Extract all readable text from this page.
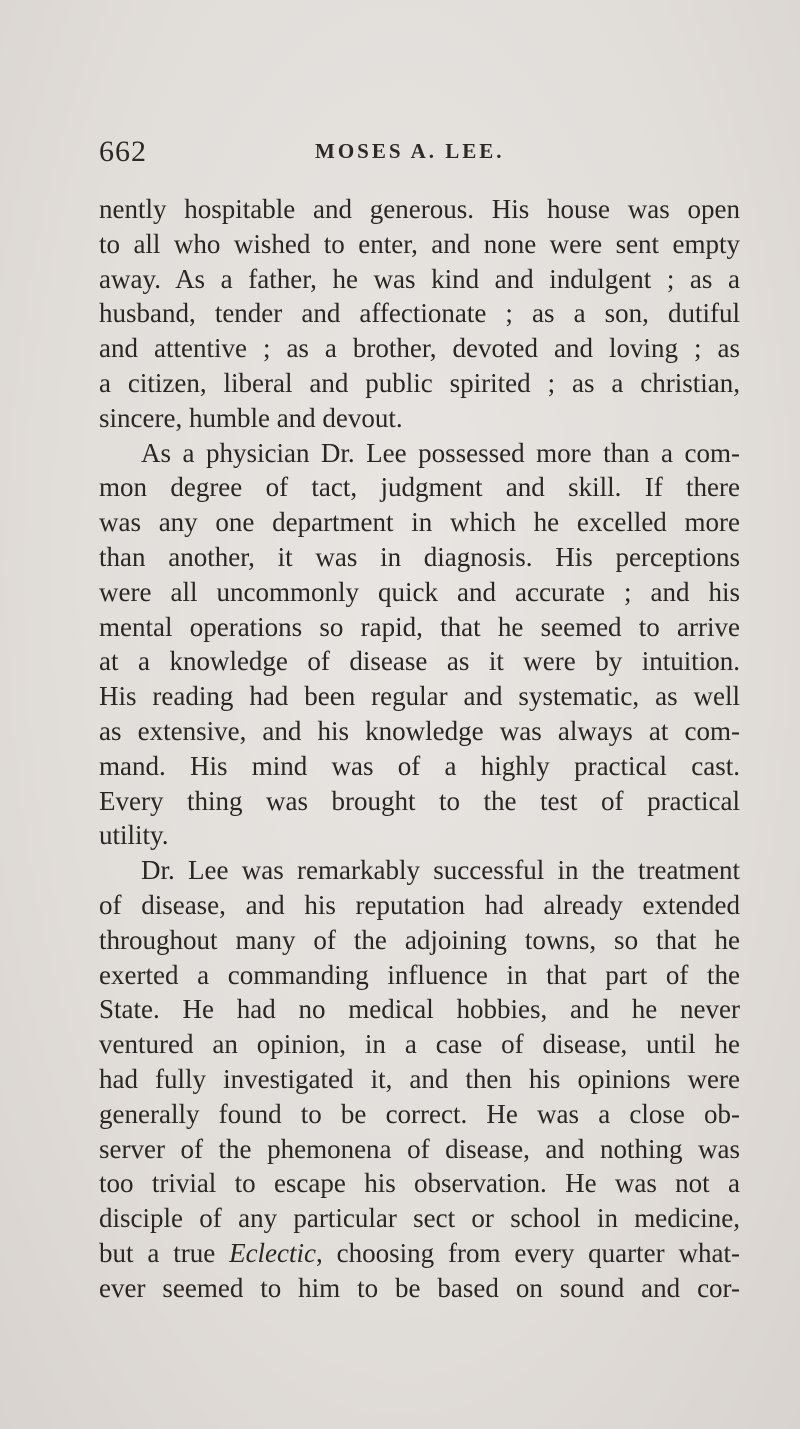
662	MOSES A. LEE.
nently hospitable and generous. His house was open
to all who wished to enter, and none were sent empty
away. As a father, he was kind and indulgent ; as a
husband, tender and affectionate ; as a son, dutiful
and attentive ; as a brother, devoted and loving ; as
a citizen, liberal and public spirited ; as a christian,
sincere, humble and devout.
As a physician Dr. Lee possessed more than a com-
mon degree of tact, judgment and skill. If there
was any one department in which he excelled more
than another, it was in diagnosis. His perceptions
were all uncommonly quick and accurate ; and his
mental operations so rapid, that he seemed to arrive
at a knowledge of disease as it were by intuition.
His reading had been regular and systematic, as well
as extensive, and his knowledge was always at com-
mand. His mind was of a highly practical cast.
Every thing was brought to the test of practical
utility.
Dr. Lee was remarkably successful in the treatment
of disease, and his reputation had already extended
throughout many of the adjoining towns, so that he
exerted a commanding influence in that part of the
State. He had no medical hobbies, and he never
ventured an opinion, in a case of disease, until he
had fully investigated it, and then his opinions were
generally found to be correct. He was a close ob-
server of the phemonena of disease, and nothing was
too trivial to escape his observation. He was not a
disciple of any particular sect or school in medicine,
but a true Eclectic, choosing from every quarter what-
ever seemed to him to be based on sound and cor-
